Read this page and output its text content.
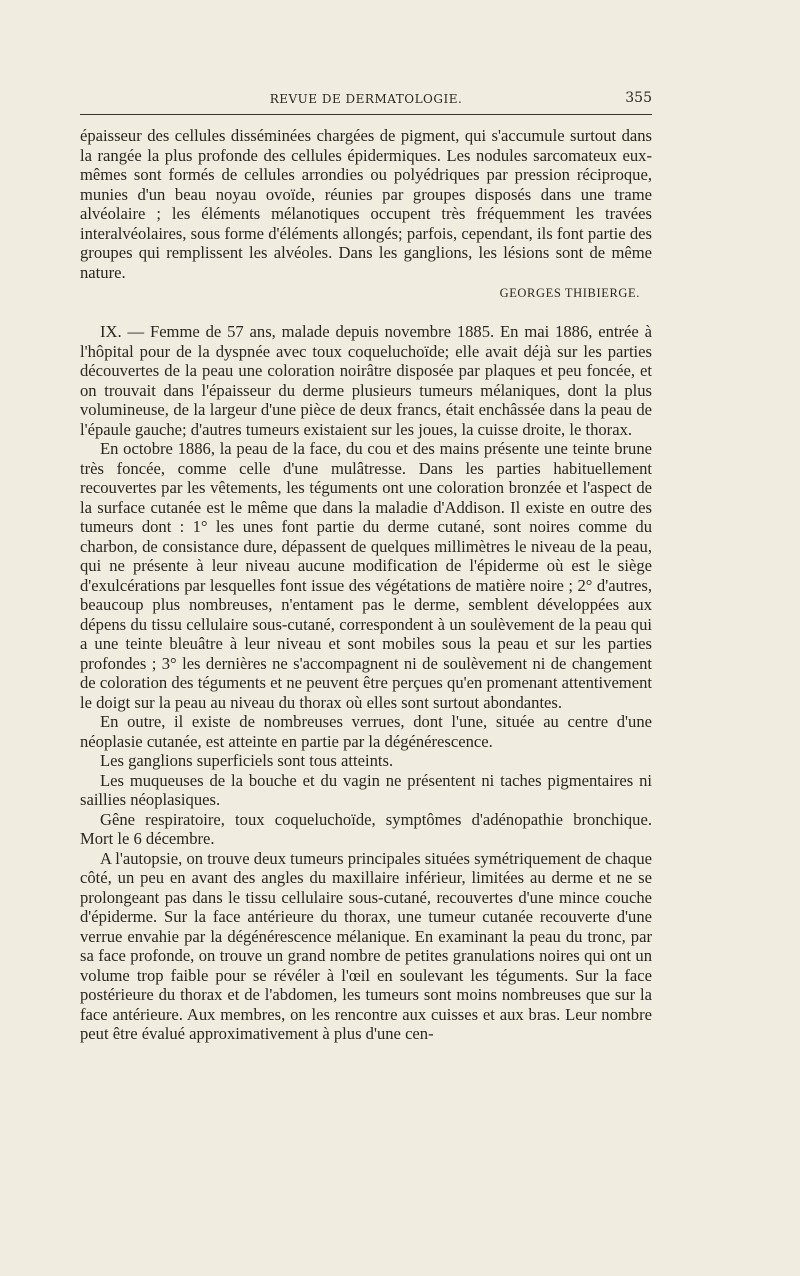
REVUE DE DERMATOLOGIE.	355

épaisseur des cellules disséminées chargées de pigment, qui s'accumule surtout dans la rangée la plus profonde des cellules épidermiques. Les nodules sarcomateux eux-mêmes sont formés de cellules arrondies ou polyédriques par pression réciproque, munies d'un beau noyau ovoïde, réunies par groupes disposés dans une trame alvéolaire ; les éléments mélanotiques occupent très fréquemment les travées interalvéolaires, sous forme d'éléments allongés; parfois, cependant, ils font partie des groupes qui remplissent les alvéoles. Dans les ganglions, les lésions sont de même nature.

GEORGES THIBIERGE.

IX. — Femme de 57 ans, malade depuis novembre 1885. En mai 1886, entrée à l'hôpital pour de la dyspnée avec toux coqueluchoïde; elle avait déjà sur les parties découvertes de la peau une coloration noirâtre disposée par plaques et peu foncée, et on trouvait dans l'épaisseur du derme plusieurs tumeurs mélaniques, dont la plus volumineuse, de la largeur d'une pièce de deux francs, était enchâssée dans la peau de l'épaule gauche; d'autres tumeurs existaient sur les joues, la cuisse droite, le thorax.

En octobre 1886, la peau de la face, du cou et des mains présente une teinte brune très foncée, comme celle d'une mulâtresse. Dans les parties habituellement recouvertes par les vêtements, les téguments ont une coloration bronzée et l'aspect de la surface cutanée est le même que dans la maladie d'Addison. Il existe en outre des tumeurs dont : 1° les unes font partie du derme cutané, sont noires comme du charbon, de consistance dure, dépassent de quelques millimètres le niveau de la peau, qui ne présente à leur niveau aucune modification de l'épiderme où est le siège d'exulcérations par lesquelles font issue des végétations de matière noire ; 2° d'autres, beaucoup plus nombreuses, n'entament pas le derme, semblent développées aux dépens du tissu cellulaire sous-cutané, correspondent à un soulèvement de la peau qui a une teinte bleuâtre à leur niveau et sont mobiles sous la peau et sur les parties profondes ; 3° les dernières ne s'accompagnent ni de soulèvement ni de changement de coloration des téguments et ne peuvent être perçues qu'en promenant attentivement le doigt sur la peau au niveau du thorax où elles sont surtout abondantes.

En outre, il existe de nombreuses verrues, dont l'une, située au centre d'une néoplasie cutanée, est atteinte en partie par la dégénérescence.

Les ganglions superficiels sont tous atteints.

Les muqueuses de la bouche et du vagin ne présentent ni taches pigmentaires ni saillies néoplasiques.

Gêne respiratoire, toux coqueluchoïde, symptômes d'adénopathie bronchique. Mort le 6 décembre.

A l'autopsie, on trouve deux tumeurs principales situées symétriquement de chaque côté, un peu en avant des angles du maxillaire inférieur, limitées au derme et ne se prolongeant pas dans le tissu cellulaire sous-cutané, recouvertes d'une mince couche d'épiderme. Sur la face antérieure du thorax, une tumeur cutanée recouverte d'une verrue envahie par la dégénérescence mélanique. En examinant la peau du tronc, par sa face profonde, on trouve un grand nombre de petites granulations noires qui ont un volume trop faible pour se révéler à l'œil en soulevant les téguments. Sur la face postérieure du thorax et de l'abdomen, les tumeurs sont moins nombreuses que sur la face antérieure. Aux membres, on les rencontre aux cuisses et aux bras. Leur nombre peut être évalué approximativement à plus d'une cen-
